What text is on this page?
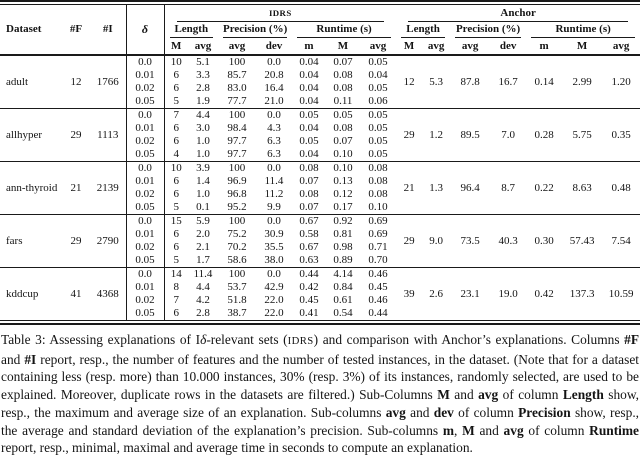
Dataset	#F	#I	δ	IDRS							Anchor						

				Length		Precision (%)		Runtime (s)			Length		Precision (%)		Runtime (s)		

				M	avg	avg	dev	m	M	avg	M	avg	avg	dev	m	M	avg
adult	12	1766	0.0	10	5.1	100	0.0	0.04	0.07	0.05	12	5.3	87.8	16.7	0.14	2.99	1.20
			0.01	6	3.3	85.7	20.8	0.04	0.08	0.04							
			0.02	6	2.8	83.0	16.4	0.04	0.08	0.05							
			0.05	5	1.9	77.7	21.0	0.04	0.11	0.06							
allhyper	29	1113	0.0	7	4.4	100	0.0	0.05	0.05	0.05	29	1.2	89.5	7.0	0.28	5.75	0.35
			0.01	6	3.0	98.4	4.3	0.04	0.08	0.05							
			0.02	6	1.0	97.7	6.3	0.05	0.07	0.05							
			0.05	4	1.0	97.7	6.3	0.04	0.10	0.05							
ann-thyroid	21	2139	0.0	10	3.9	100	0.0	0.08	0.10	0.08	21	1.3	96.4	8.7	0.22	8.63	0.48
			0.01	6	1.4	96.9	11.4	0.07	0.13	0.08							
			0.02	6	1.0	96.8	11.2	0.08	0.12	0.08							
			0.05	5	0.1	95.2	9.9	0.07	0.17	0.10							
fars	29	2790	0.0	15	5.9	100	0.0	0.67	0.92	0.69	29	9.0	73.5	40.3	0.30	57.43	7.54
			0.01	6	2.0	75.2	30.9	0.58	0.81	0.69							
			0.02	6	2.1	70.2	35.5	0.67	0.98	0.71							
			0.05	5	1.7	58.6	38.0	0.63	0.89	0.70							
kddcup	41	4368	0.0	14	11.4	100	0.0	0.44	4.14	0.46	39	2.6	23.1	19.0	0.42	137.3	10.59
			0.01	8	4.4	53.7	42.9	0.42	0.84	0.45							
			0.02	7	4.2	51.8	22.0	0.45	0.61	0.46							
			0.05	6	2.8	38.7	22.0	0.41	0.54	0.44							

Table 3: Assessing explanations of Iδ-relevant sets (IDRS) and comparison with Anchor’s explanations. Columns #F and #I report, resp., the number of features and the number of tested instances, in the dataset. (Note that for a dataset containing less (resp. more) than 10.000 instances, 30% (resp. 3%) of its instances, randomly selected, are used to be explained. Moreover, duplicate rows in the datasets are filtered.) Sub-Columns M and avg of column Length show, resp., the maximum and average size of an explanation. Sub-columns avg and dev of column Precision show, resp., the average and standard deviation of the explanation’s precision. Sub-columns m, M and avg of column Runtime report, resp., minimal, maximal and average time in seconds to compute an explanation.
